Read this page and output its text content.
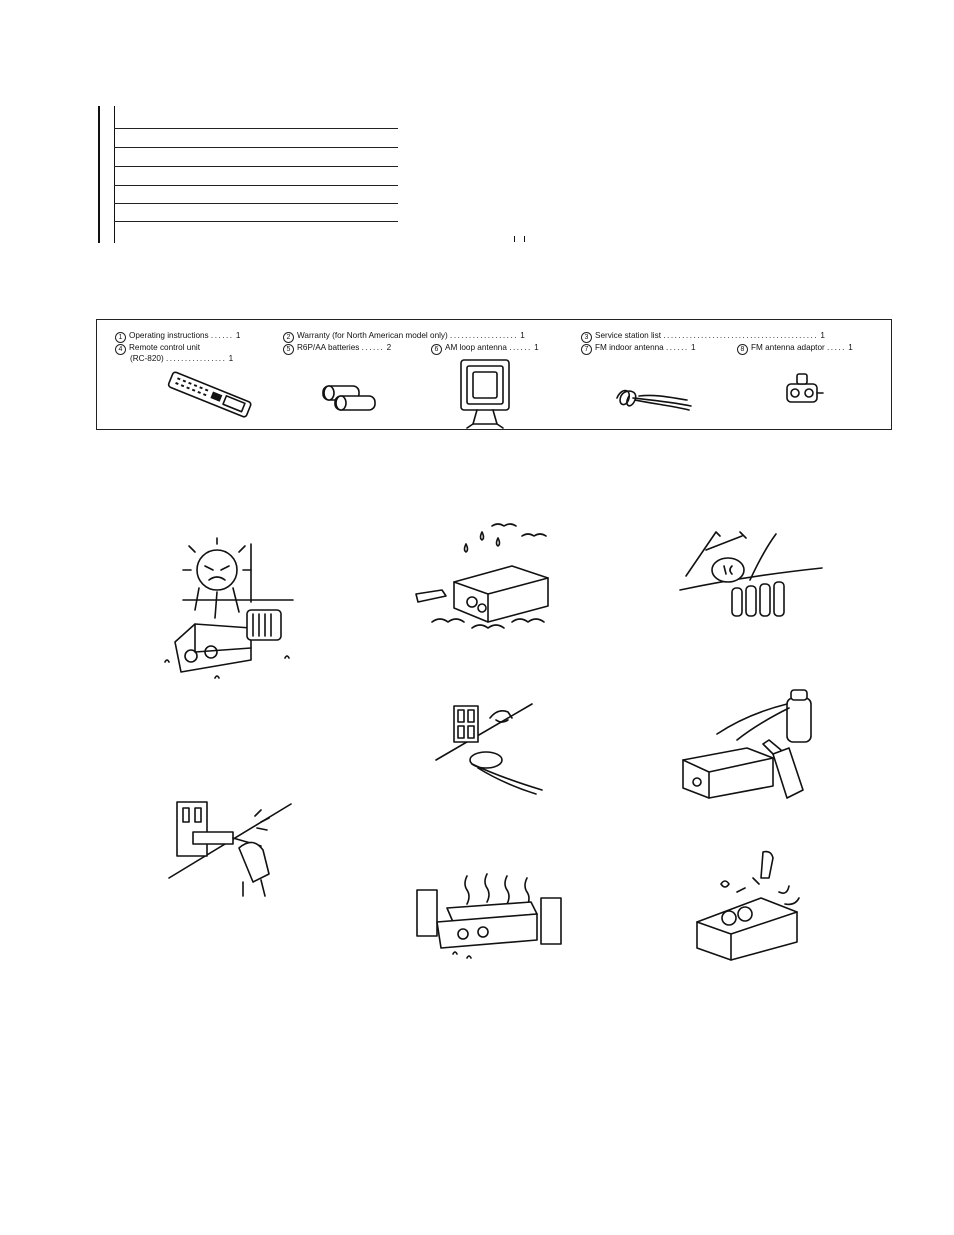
1 Operating instructions ...... 1	2 Warranty (for North American model only) .................. 1	3 Service station list ......................................... 1
4 Remote control unit
(RC-820) ................ 1
5 R6P/AA batteries ...... 2	6 AM loop antenna ...... 1	7 FM indoor antenna ...... 1	8 FM antenna adaptor ..... 1
